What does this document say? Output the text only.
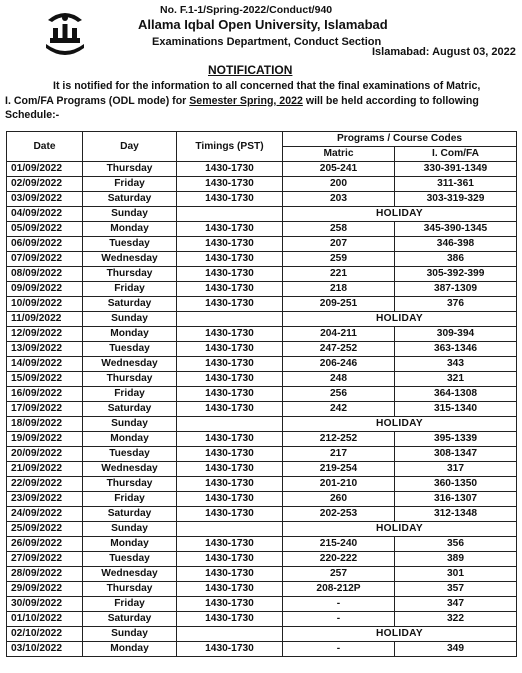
No. F.1-1/Spring-2022/Conduct/940
Allama Iqbal Open University, Islamabad
Examinations Department, Conduct Section
Islamabad: August 03, 2022
NOTIFICATION
It is notified for the information to all concerned that the final examinations of Matric,
I. Com/FA Programs (ODL mode) for Semester Spring, 2022 will be held according to following
Schedule:-
Date	Day	Timings (PST)	Programs / Course Codes	
			Matric	I. Com/FA
01/09/2022	Thursday	1430-1730	205-241	330-391-1349
02/09/2022	Friday	1430-1730	200	311-361
03/09/2022	Saturday	1430-1730	203	303-319-329
04/09/2022	Sunday		HOLIDAY	
05/09/2022	Monday	1430-1730	258	345-390-1345
06/09/2022	Tuesday	1430-1730	207	346-398
07/09/2022	Wednesday	1430-1730	259	386
08/09/2022	Thursday	1430-1730	221	305-392-399
09/09/2022	Friday	1430-1730	218	387-1309
10/09/2022	Saturday	1430-1730	209-251	376
11/09/2022	Sunday		HOLIDAY	
12/09/2022	Monday	1430-1730	204-211	309-394
13/09/2022	Tuesday	1430-1730	247-252	363-1346
14/09/2022	Wednesday	1430-1730	206-246	343
15/09/2022	Thursday	1430-1730	248	321
16/09/2022	Friday	1430-1730	256	364-1308
17/09/2022	Saturday	1430-1730	242	315-1340
18/09/2022	Sunday		HOLIDAY	
19/09/2022	Monday	1430-1730	212-252	395-1339
20/09/2022	Tuesday	1430-1730	217	308-1347
21/09/2022	Wednesday	1430-1730	219-254	317
22/09/2022	Thursday	1430-1730	201-210	360-1350
23/09/2022	Friday	1430-1730	260	316-1307
24/09/2022	Saturday	1430-1730	202-253	312-1348
25/09/2022	Sunday		HOLIDAY	
26/09/2022	Monday	1430-1730	215-240	356
27/09/2022	Tuesday	1430-1730	220-222	389
28/09/2022	Wednesday	1430-1730	257	301
29/09/2022	Thursday	1430-1730	208-212P	357
30/09/2022	Friday	1430-1730	-	347
01/10/2022	Saturday	1430-1730	-	322
02/10/2022	Sunday		HOLIDAY	
03/10/2022	Monday	1430-1730	-	349
